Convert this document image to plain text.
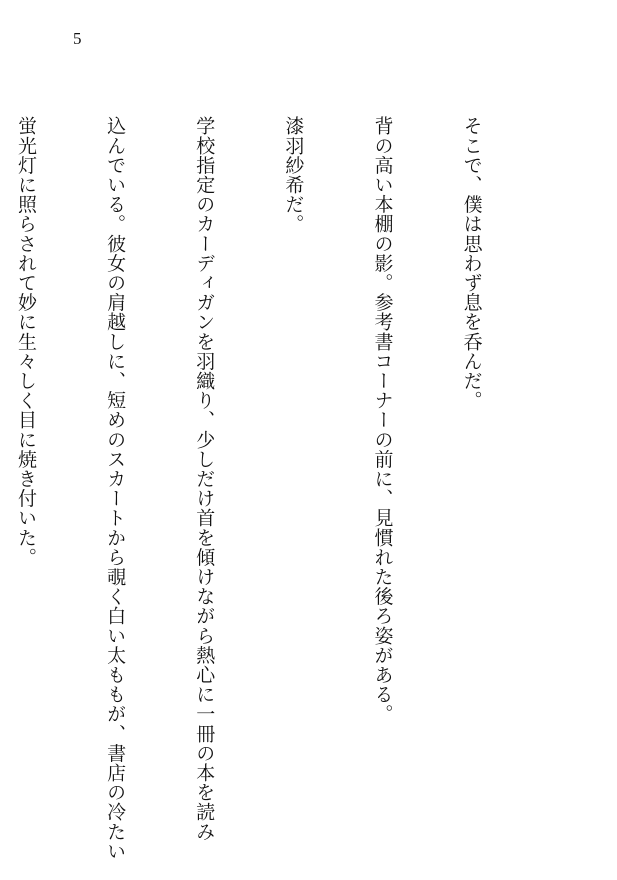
5

そこで、僕は思わず息を呑んだ。

背の高い本棚の影。参考書コーナーの前に、見慣れた後ろ姿がある。

漆羽紗希だ。

学校指定のカーディガンを羽織り、少しだけ首を傾けながら熱心に一冊の本を読み

込んでいる。彼女の肩越しに、短めのスカートから覗く白い太ももが、書店の冷たい

蛍光灯に照らされて妙に生々しく目に焼き付いた。
